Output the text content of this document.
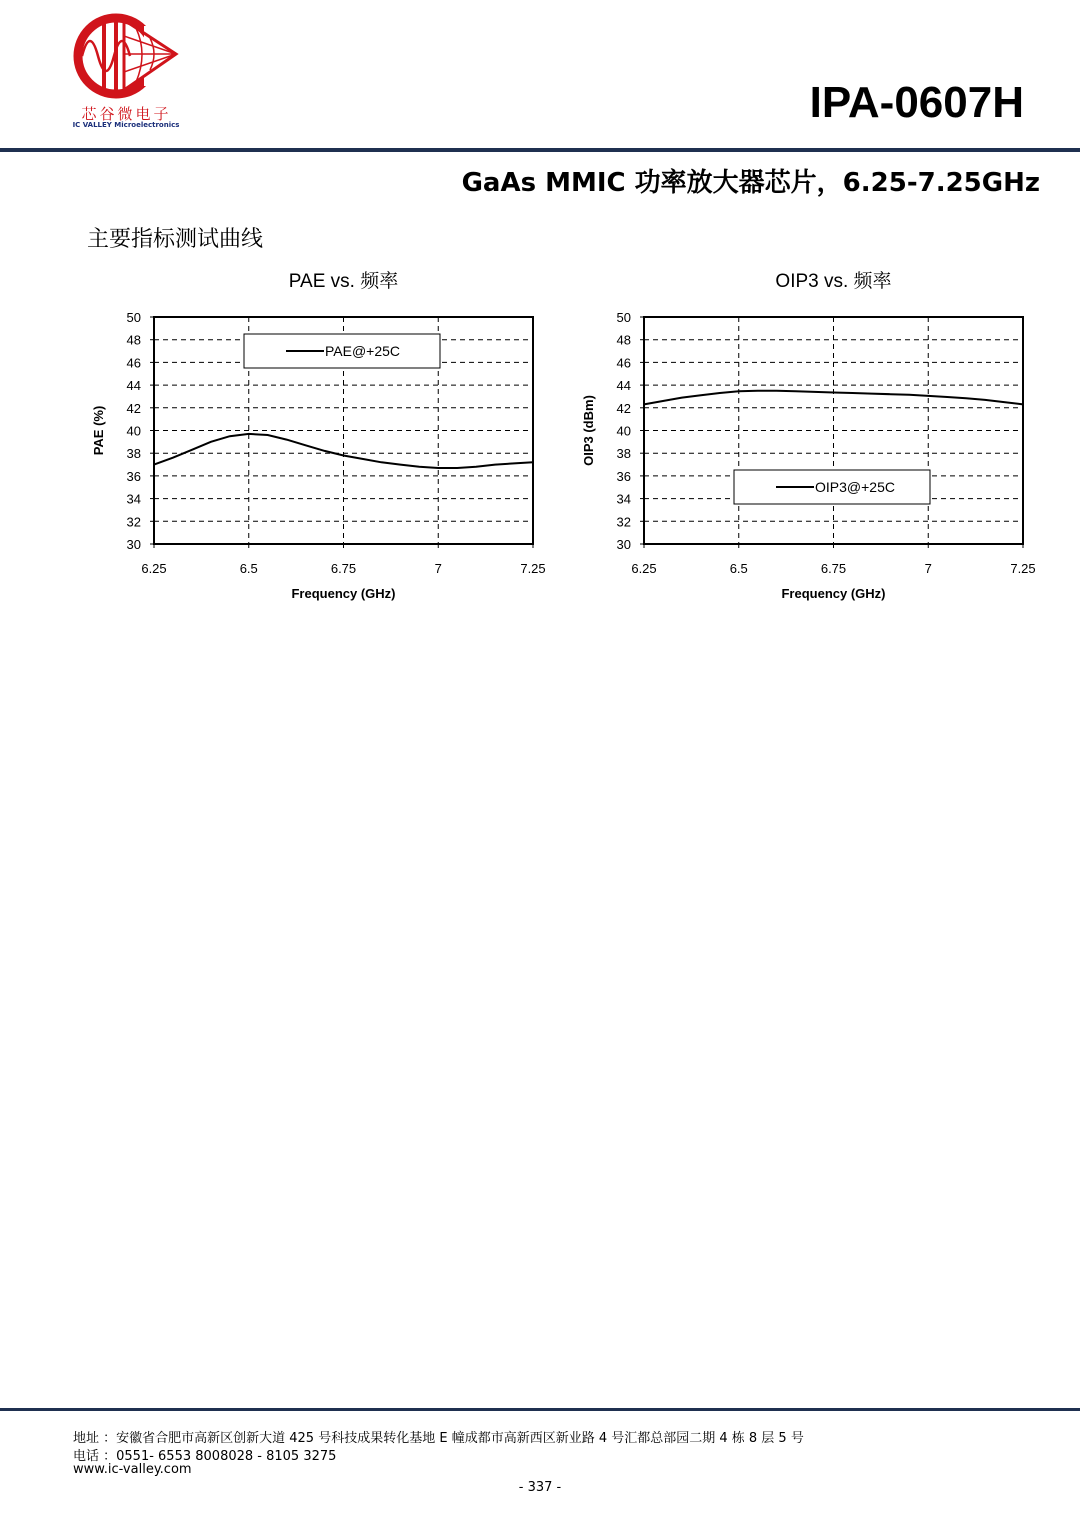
芯谷微电子
IC VALLEY Microelectronics	IPA-0607H
GaAs MMIC 功率放大器芯片，6.25-7.25GHz
主要指标测试曲线
PAE vs. 频率
30
32
34
36
38
40
42
44
46
48
50
6.25	6.5	6.75	7	7.25
Frequency (GHz)
PAE (%)
PAE@+25C
OIP3 vs. 频率
30
32
34
36
38
40
42
44
46
48
50
6.25	6.5	6.75	7	7.25
Frequency (GHz)
OIP3 (dBm)
OIP3@+25C
地址 ：安徽省合肥市高新区创新大道 425 号科技成果转化基地 E 幢成都市高新西区新业路 4 号汇都总部园二期 4 栋 8 层 5 号
电话 ：0551- 6553 8008028 - 8105 3275
www.ic-valley.com
- 337 -
